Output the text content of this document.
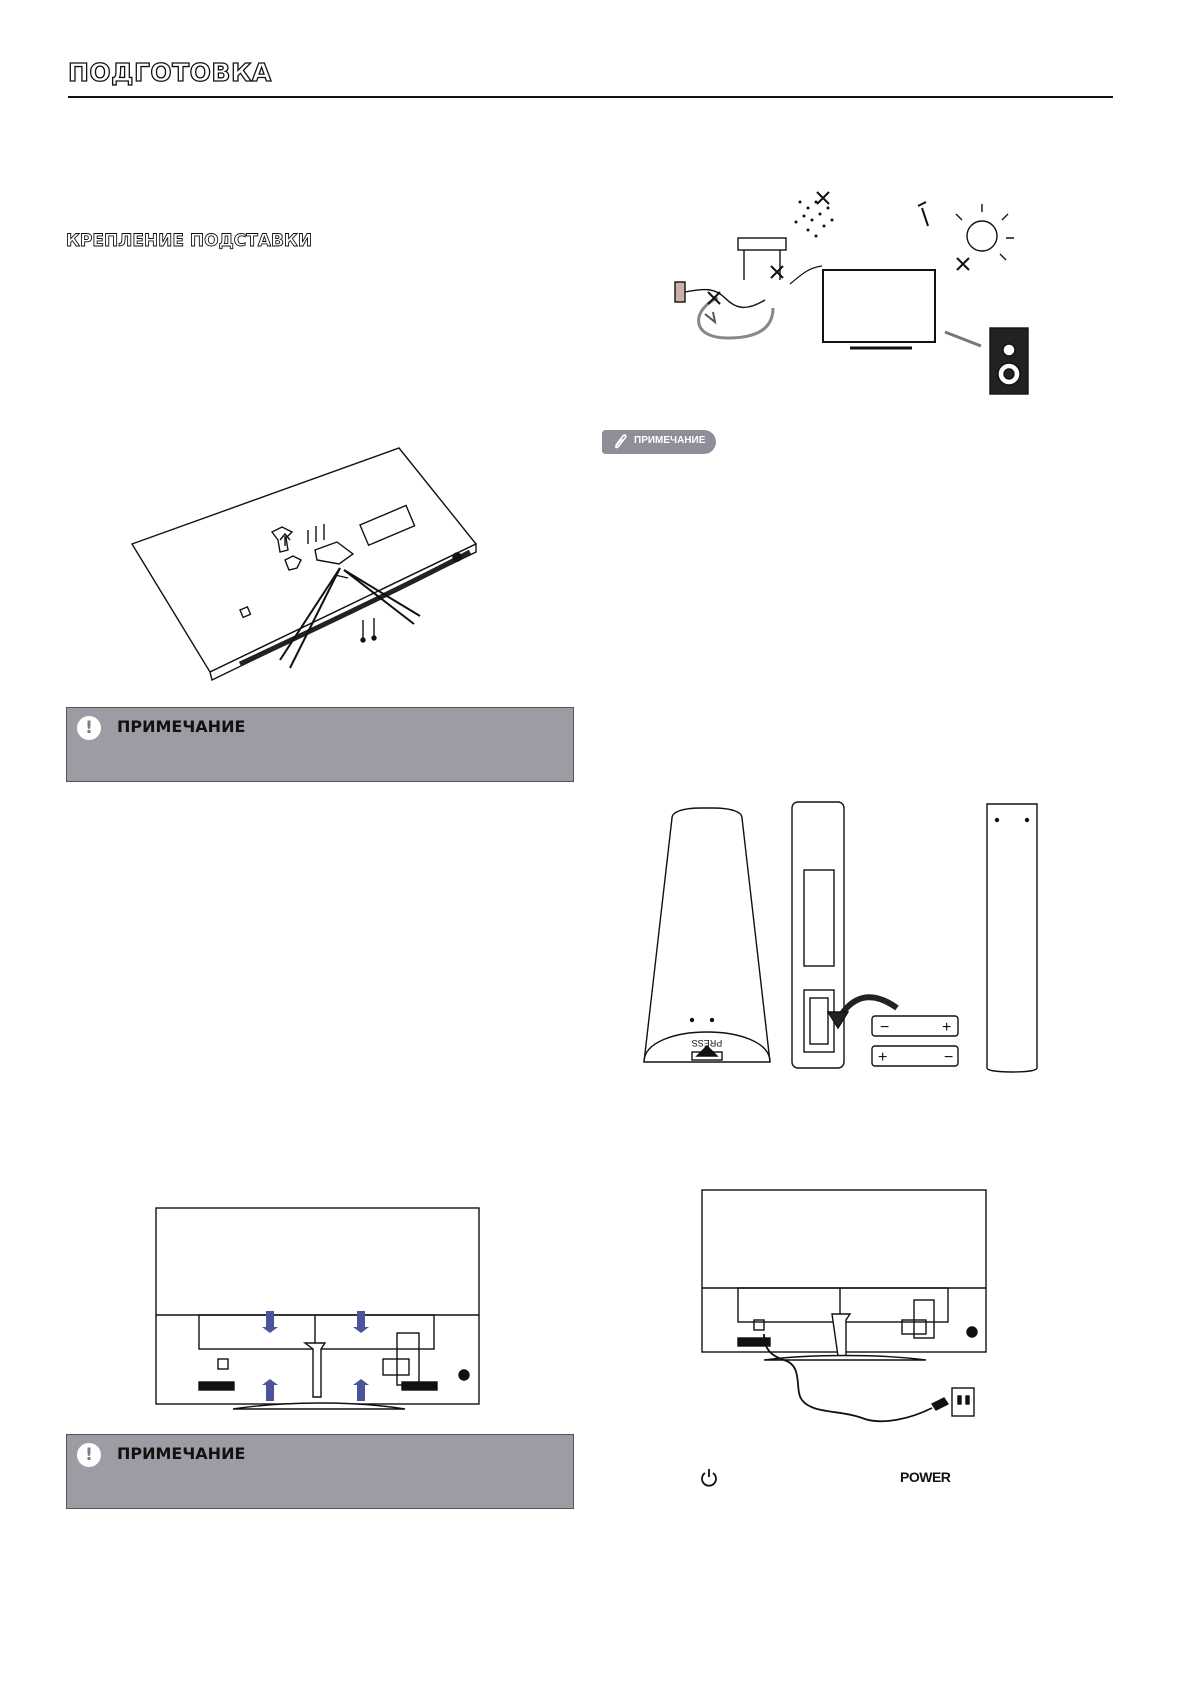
ПОДГОТОВКА
КРЕПЛЕНИЕ ПОДСТАВКИ
!	ПРИМЕЧАНИЕ
!	ПРИМЕЧАНИЕ
ПРИМЕЧАНИЕ
PRESS
−	+
+	−
POWER
